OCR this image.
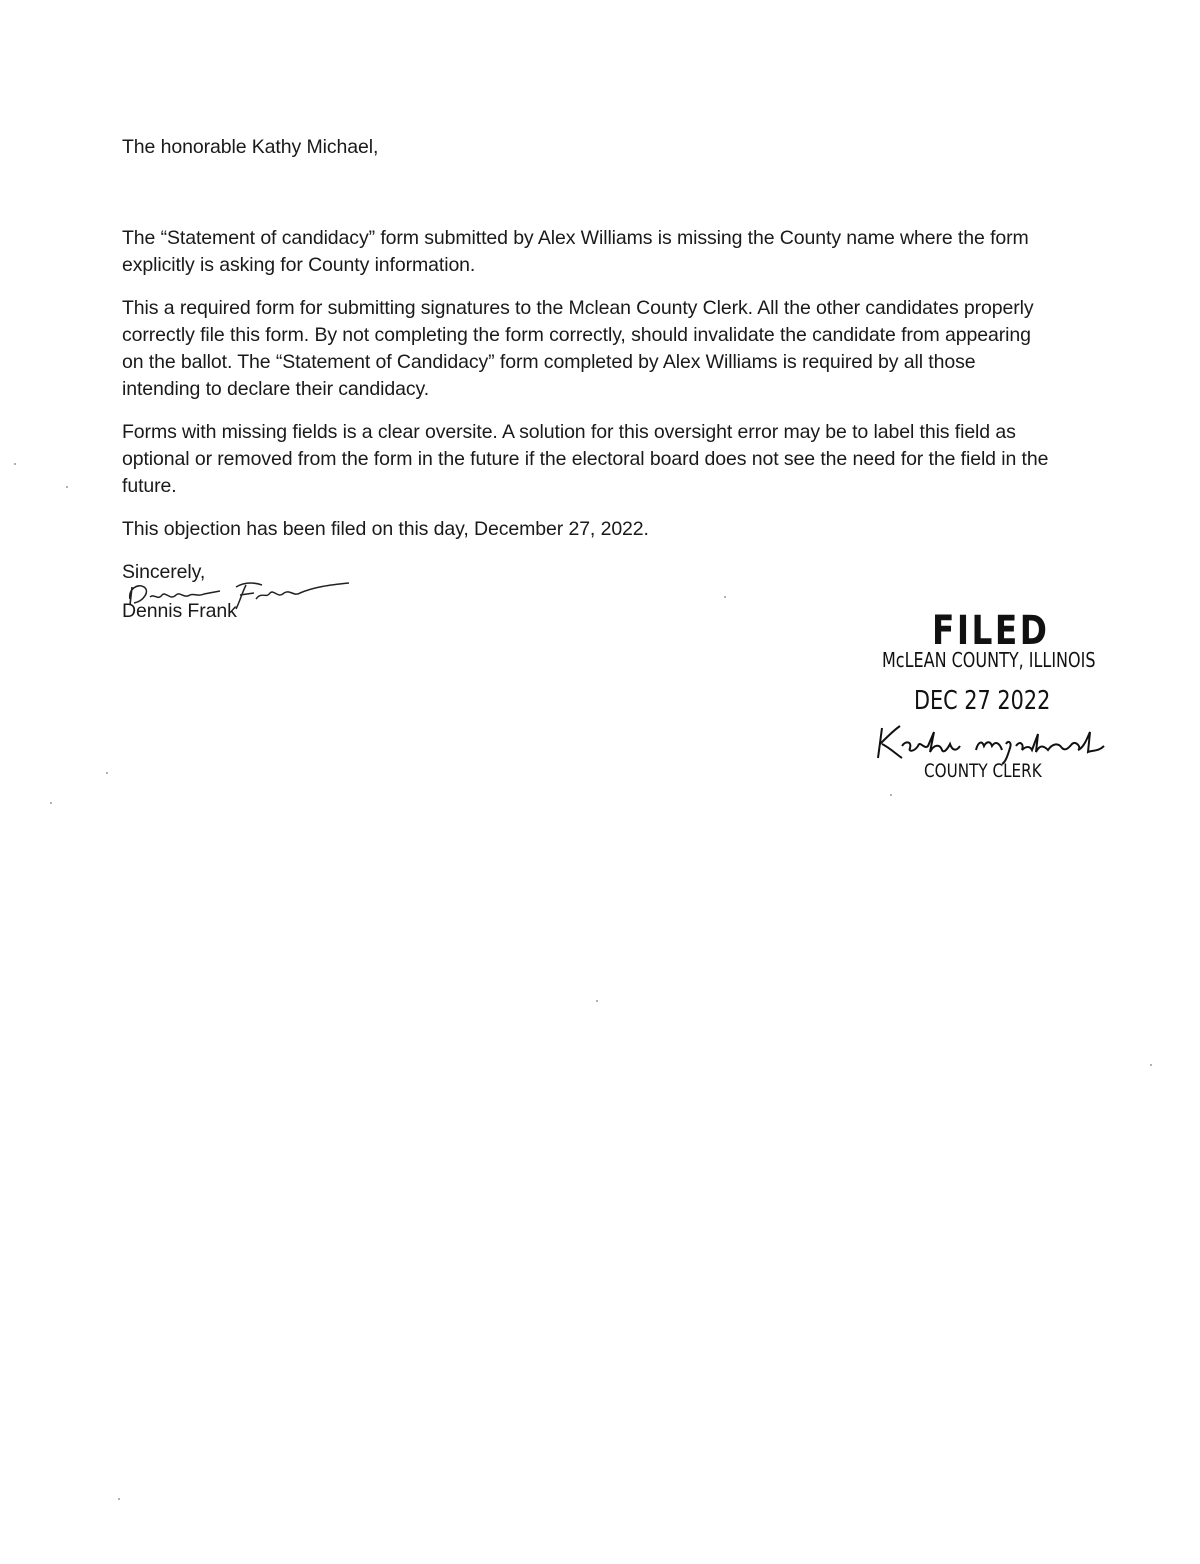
The honorable Kathy Michael,

The “Statement of candidacy” form submitted by Alex Williams is missing the County name where the form explicitly is asking for County information.

This a required form for submitting signatures to the Mclean County Clerk. All the other candidates properly correctly file this form. By not completing the form correctly, should invalidate the candidate from appearing on the ballot. The “Statement of Candidacy” form completed by Alex Williams is required by all those intending to declare their candidacy.

Forms with missing fields is a clear oversite. A solution for this oversight error may be to label this field as optional or removed from the form in the future if the electoral board does not see the need for the field in the future.

This objection has been filed on this day, December 27, 2022.

Sincerely,
Dennis Frank	FILED
McLEAN COUNTY, ILLINOIS
DEC 27 2022
COUNTY CLERK
